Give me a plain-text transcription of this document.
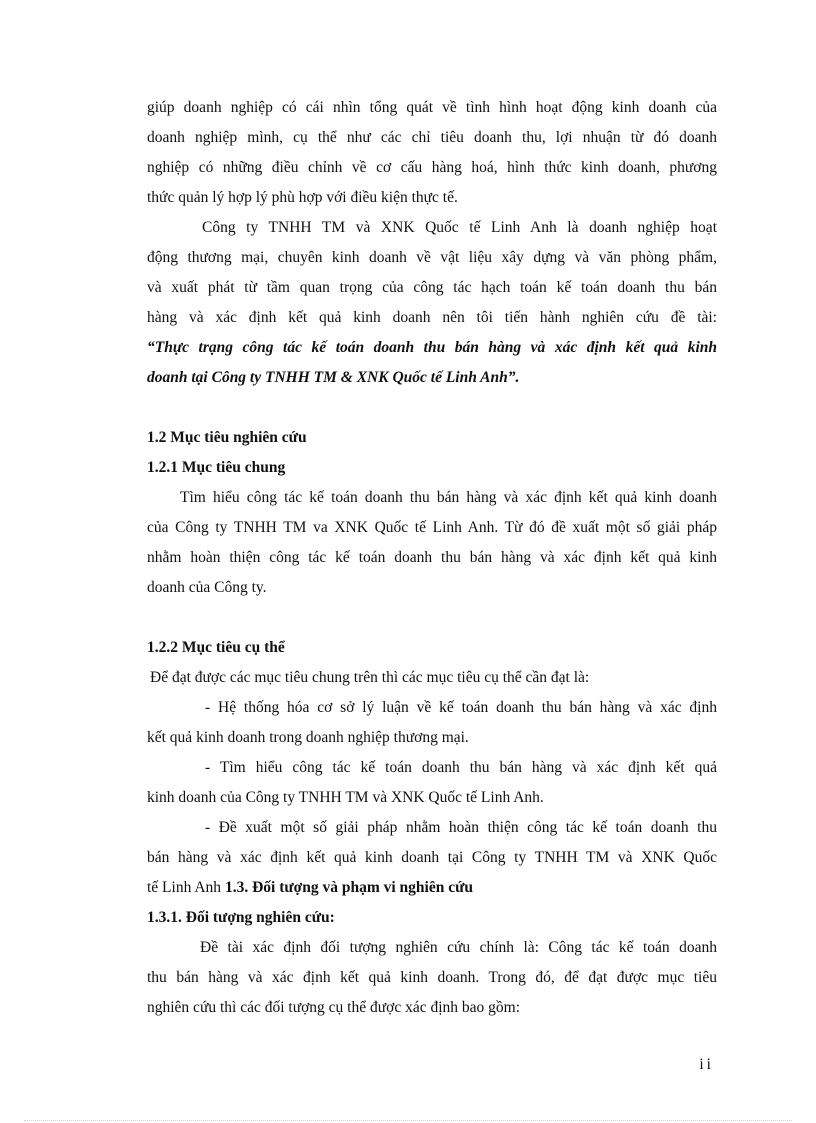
giúp doanh nghiệp có cái nhìn tổng quát về tình hình hoạt động kinh doanh của
doanh nghiệp mình, cụ thể như các chỉ tiêu doanh thu, lợi nhuận từ đó doanh
nghiệp có những điều chỉnh về cơ cấu hàng hoá, hình thức kinh doanh, phương
thức quản lý hợp lý phù hợp với điều kiện thực tế.
Công ty TNHH TM và XNK Quốc tế Linh Anh là doanh nghiệp hoạt
động thương mại, chuyên kinh doanh về vật liệu xây dựng và văn phòng phẩm,
và xuất phát từ tầm quan trọng của công tác hạch toán kế toán doanh thu bán
hàng và xác định kết quả kinh doanh nên tôi tiến hành nghiên cứu đề tài:
“Thực trạng công tác kế toán doanh thu bán hàng và xác định kết quả kinh
doanh tại Công ty TNHH TM & XNK Quốc tế Linh Anh”.
1.2 Mục tiêu nghiên cứu
1.2.1 Mục tiêu chung
Tìm hiểu công tác kế toán doanh thu bán hàng và xác định kết quả kinh doanh
của Công ty TNHH TM va XNK Quốc tế Linh Anh. Từ đó đề xuất một số giải pháp
nhằm hoàn thiện công tác kế toán doanh thu bán hàng và xác định kết quả kinh
doanh của Công ty.
1.2.2 Mục tiêu cụ thể
Để đạt được các mục tiêu chung trên thì các mục tiêu cụ thể cần đạt là:
- Hệ thống hóa cơ sở lý luận về kế toán doanh thu bán hàng và xác định
kết quả kinh doanh trong doanh nghiệp thương mại.
- Tìm hiểu công tác kế toán doanh thu bán hàng và xác định kết quả
kinh doanh của Công ty TNHH TM và XNK Quốc tế Linh Anh.
- Đề xuất một số giải pháp nhằm hoàn thiện công tác kế toán doanh thu
bán hàng và xác định kết quả kinh doanh tại Công ty TNHH TM và XNK Quốc
tế Linh Anh 1.3. Đối tượng và phạm vi nghiên cứu
1.3.1. Đối tượng nghiên cứu:
Đề tài xác định đối tượng nghiên cứu chính là: Công tác kế toán doanh
thu bán hàng và xác định kết quả kinh doanh. Trong đó, để đạt được mục tiêu
nghiên cứu thì các đối tượng cụ thể được xác định bao gồm:
ii
